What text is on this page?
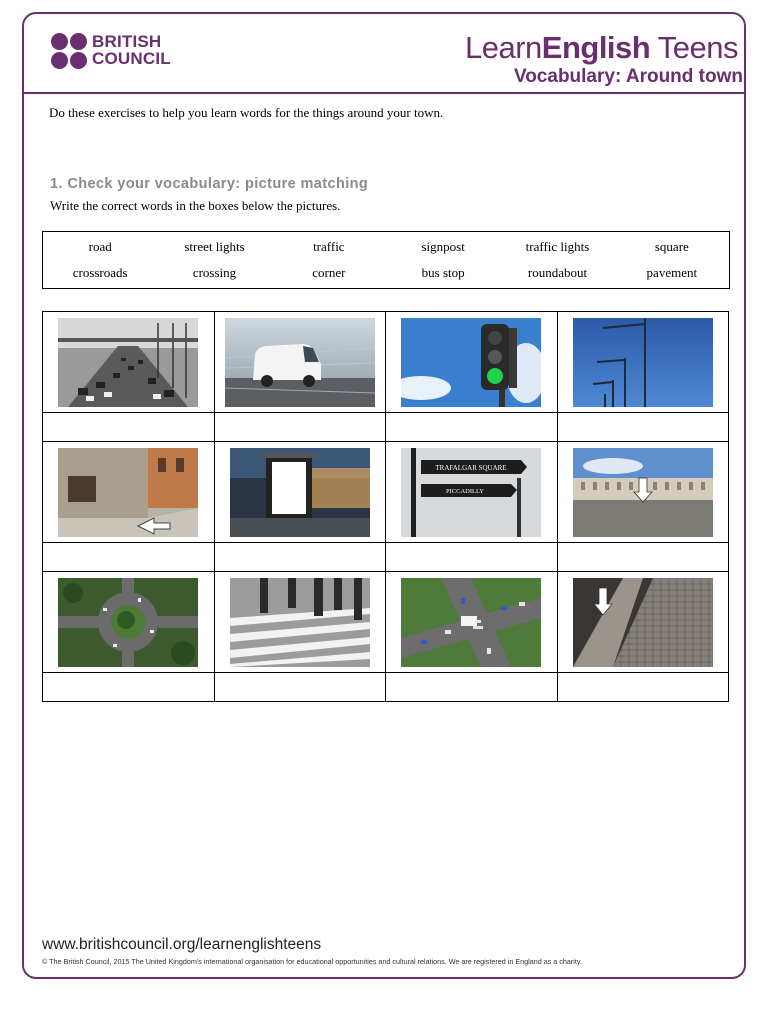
BRITISH
COUNCIL	LearnEnglish Teens
Vocabulary: Around town
Do these exercises to help you learn words for the things around your town.
1. Check your vocabulary: picture matching
Write the correct words in the boxes below the pictures.
road	street lights	traffic	signpost	traffic lights	square
crossroads	crossing	corner	bus stop	roundabout	pavement

TRAFALGAR SQUARE
PICCADILLY

www.britishcouncil.org/learnenglishteens
© The British Council, 2015 The United Kingdom's international organisation for educational opportunities and cultural relations. We are registered in England as a charity.
